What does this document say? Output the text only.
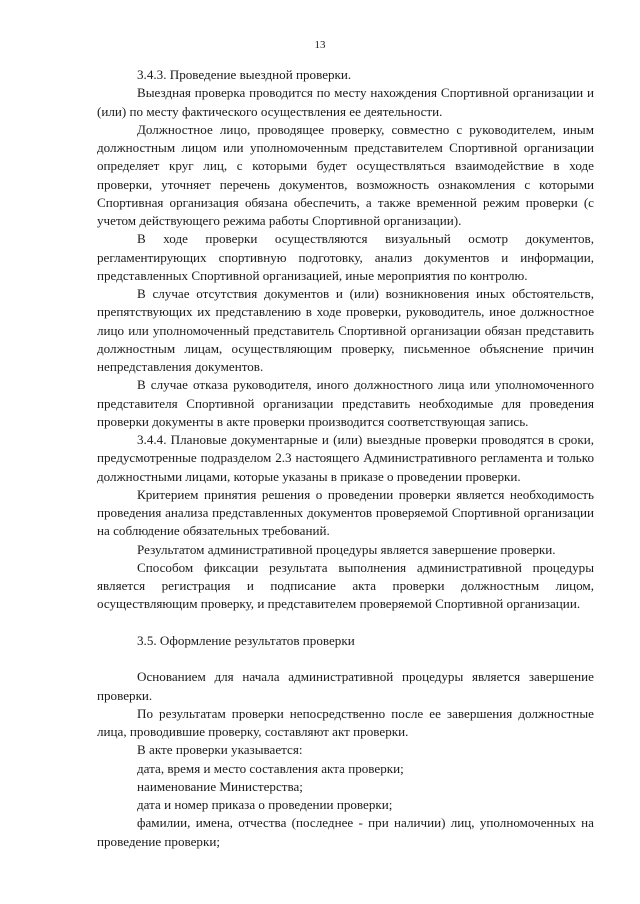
13

3.4.3. Проведение выездной проверки.

Выездная проверка проводится по месту нахождения Спортивной организации и (или) по месту фактического осуществления ее деятельности.

Должностное лицо, проводящее проверку, совместно с руководителем, иным должностным лицом или уполномоченным представителем Спортивной организации определяет круг лиц, с которыми будет осуществляться взаимодействие в ходе проверки, уточняет перечень документов, возможность ознакомления с которыми Спортивная организация обязана обеспечить, а также временной режим проверки (с учетом действующего режима работы Спортивной организации).

В ходе проверки осуществляются визуальный осмотр документов, регламентирующих спортивную подготовку, анализ документов и информации, представленных Спортивной организацией, иные мероприятия по контролю.

В случае отсутствия документов и (или) возникновения иных обстоятельств, препятствующих их представлению в ходе проверки, руководитель, иное должностное лицо или уполномоченный представитель Спортивной организации обязан представить должностным лицам, осуществляющим проверку, письменное объяснение причин непредставления документов.

В случае отказа руководителя, иного должностного лица или уполномоченного представителя Спортивной организации представить необходимые для проведения проверки документы в акте проверки производится соответствующая запись.

3.4.4. Плановые документарные и (или) выездные проверки проводятся в сроки, предусмотренные подразделом 2.3 настоящего Административного регламента и только должностными лицами, которые указаны в приказе о проведении проверки.

Критерием принятия решения о проведении проверки является необходимость проведения анализа представленных документов проверяемой Спортивной организации на соблюдение обязательных требований.

Результатом административной процедуры является завершение проверки.

Способом фиксации результата выполнения административной процедуры является регистрация и подписание акта проверки должностным лицом, осуществляющим проверку, и представителем проверяемой Спортивной организации.

3.5. Оформление результатов проверки

Основанием для начала административной процедуры является завершение проверки.

По результатам проверки непосредственно после ее завершения должностные лица, проводившие проверку, составляют акт проверки.

В акте проверки указывается:

дата, время и место составления акта проверки;

наименование Министерства;

дата и номер приказа о проведении проверки;

фамилии, имена, отчества (последнее - при наличии) лиц, уполномоченных на проведение проверки;
